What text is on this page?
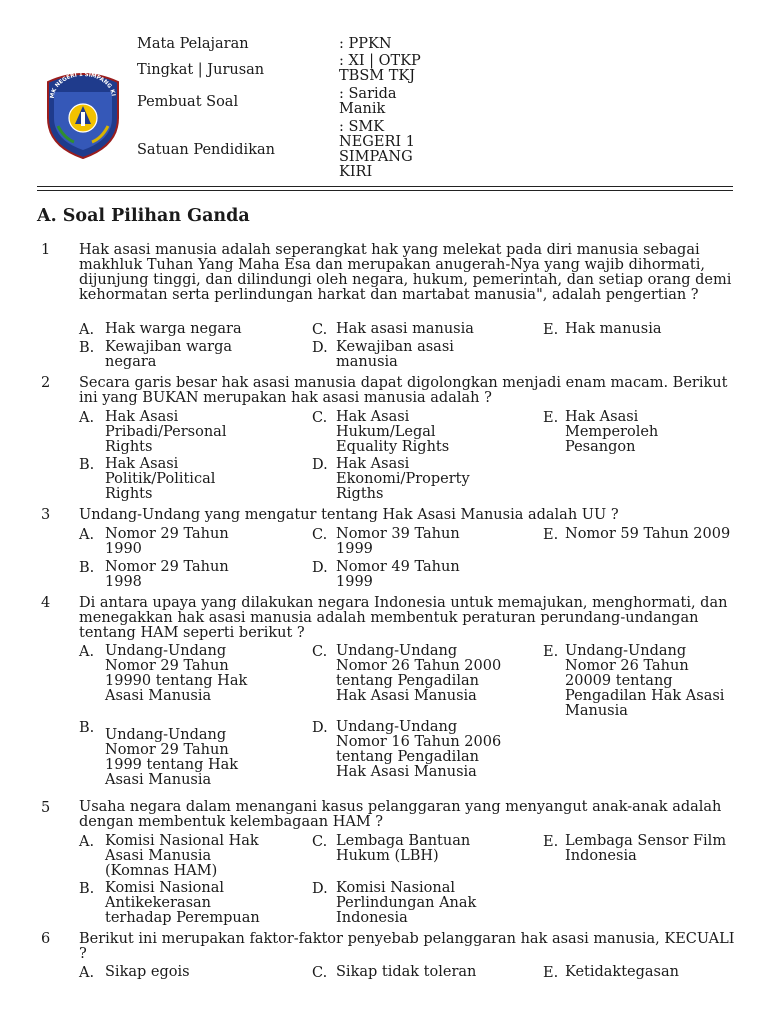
MK NEGERI 1 SIMPANG KI
Mata Pelajaran	: PPKN
Tingkat | Jurusan
: XI | OTKP TBSM TKJ
Pembuat Soal	: Sarida Manik
Satuan Pendidikan
: SMK NEGERI 1 SIMPANG KIRI
A. Soal Pilihan Ganda
1 Hak asasi manusia adalah seperangkat hak yang melekat pada diri manusia sebagai makhluk Tuhan Yang Maha Esa dan merupakan anugerah-Nya yang wajib dihormati, dijunjung tinggi, dan dilindungi oleh negara, hukum, pemerintah, dan setiap orang demi kehormatan serta perlindungan harkat dan martabat manusia", adalah pengertian ?
A. Hak warga negara
B. Kewajiban warga negara
C. Hak asasi manusia
D. Kewajiban asasi manusia
E. Hak manusia
2 Secara garis besar hak asasi manusia dapat digolongkan menjadi enam macam. Berikut ini yang BUKAN merupakan hak asasi manusia adalah ?
A. Hak Asasi Pribadi/Personal Rights
B. Hak Asasi Politik/Political Rights
C. Hak Asasi Hukum/Legal Equality Rights
D. Hak Asasi Ekonomi/Property Rigths
E. Hak Asasi Memperoleh Pesangon
3 Undang-Undang yang mengatur tentang Hak Asasi Manusia adalah UU ?
A. Nomor 29 Tahun 1990
B. Nomor 29 Tahun 1998
C. Nomor 39 Tahun 1999
D. Nomor 49 Tahun 1999
E. Nomor 59 Tahun 2009
4 Di antara upaya yang dilakukan negara Indonesia untuk memajukan, menghormati, dan menegakkan hak asasi manusia adalah membentuk peraturan perundang-undangan tentang HAM seperti berikut ?
A. Undang-Undang Nomor 29 Tahun 19990 tentang Hak Asasi Manusia
B. Undang-Undang Nomor 29 Tahun 1999 tentang Hak Asasi Manusia
C. Undang-Undang Nomor 26 Tahun 2000 tentang Pengadilan Hak Asasi Manusia
D. Undang-Undang Nomor 16 Tahun 2006 tentang Pengadilan Hak Asasi Manusia
E. Undang-Undang Nomor 26 Tahun 20009 tentang Pengadilan Hak Asasi Manusia
5 Usaha negara dalam menangani kasus pelanggaran yang menyangut anak-anak adalah dengan membentuk kelembagaan HAM ?
A. Komisi Nasional Hak Asasi Manusia (Komnas HAM)
B. Komisi Nasional Antikekerasan terhadap Perempuan
C. Lembaga Bantuan Hukum (LBH)
D. Komisi Nasional Perlindungan Anak Indonesia
E. Lembaga Sensor Film Indonesia
6 Berikut ini merupakan faktor-faktor penyebab pelanggaran hak asasi manusia, KECUALI ?
A. Sikap egois	C. Sikap tidak toleran	E. Ketidaktegasan
